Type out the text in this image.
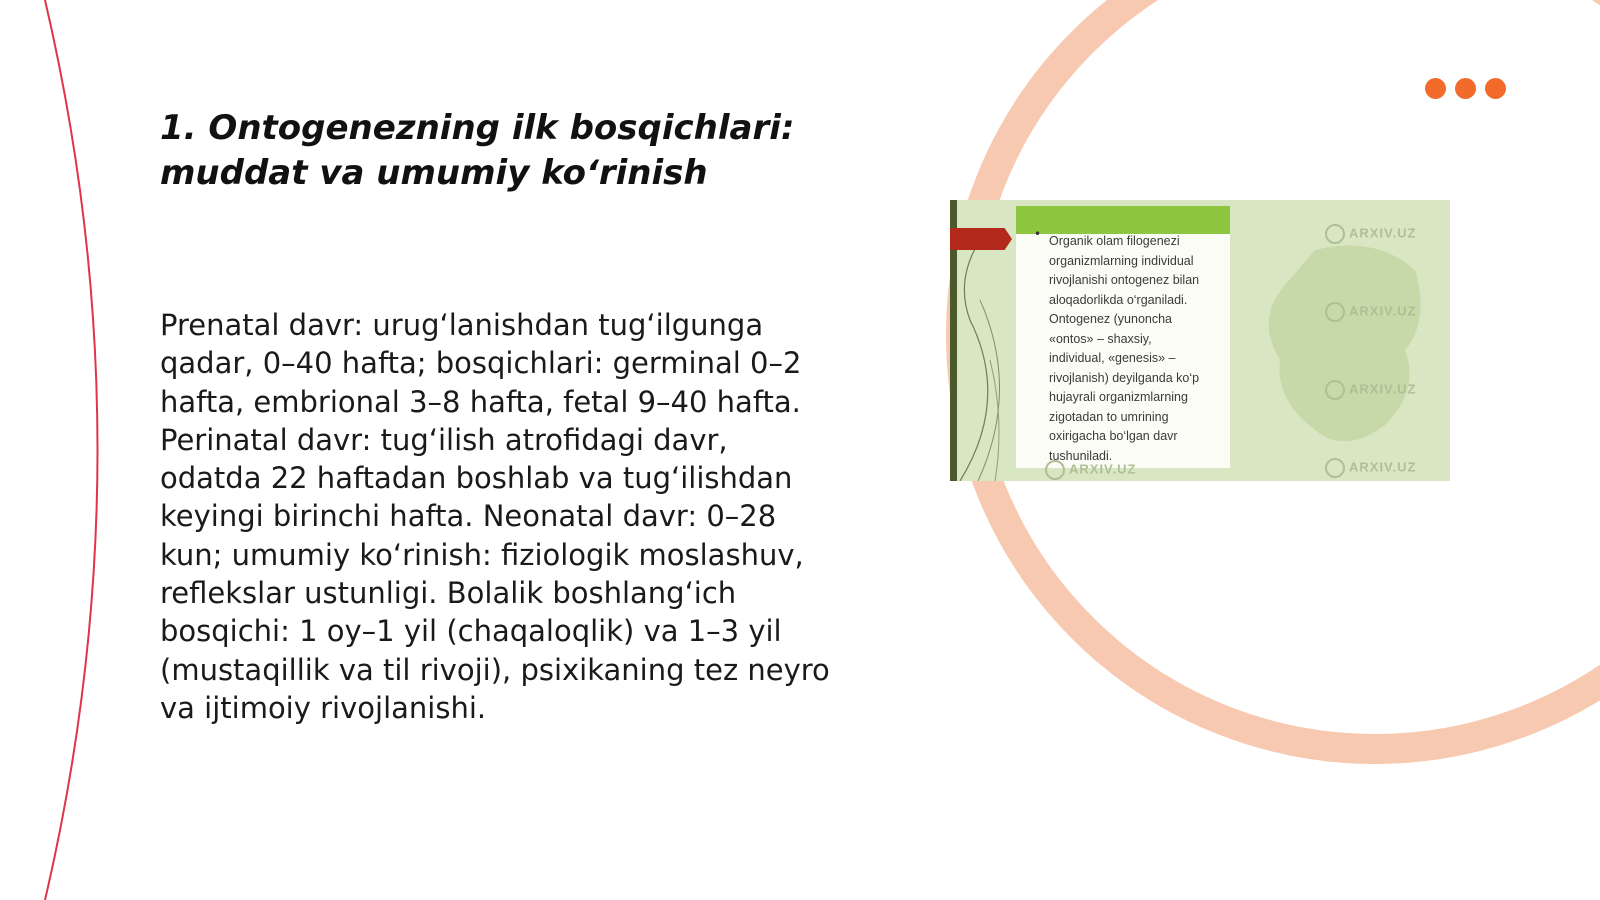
1. Ontogenezning ilk bosqichlari:
muddat va umumiy ko‘rinish
Prenatal davr: urug‘lanishdan tug‘ilgunga
qadar, 0–40 hafta; bosqichlari: germinal 0–2
hafta, embrional 3–8 hafta, fetal 9–40 hafta.
Perinatal davr: tug‘ilish atrofidagi davr,
odatda 22 haftadan boshlab va tug‘ilishdan
keyingi birinchi hafta. Neonatal davr: 0–28
kun; umumiy ko‘rinish: fiziologik moslashuv,
reflekslar ustunligi. Bolalik boshlang‘ich
bosqichi: 1 oy–1 yil (chaqaloqlik) va 1–3 yil
(mustaqillik va til rivoji), psixikaning tez neyro
va ijtimoiy rivojlanishi.
Organik olam filogenezi
organizmlarning individual
rivojlanishi ontogenez bilan
aloqadorlikda o‘rganiladi.
Ontogenez (yunoncha
«ontos» – shaxsiy,
individual, «genesis» –
rivojlanish) deyilganda ko‘p
hujayrali organizmlarning
zigotadan to umrining
oxirigacha bo‘lgan davr
tushuniladi.
•	ARXIV.UZ
ARXIV.UZ
ARXIV.UZ
ARXIV.UZ
ARXIV.UZ
